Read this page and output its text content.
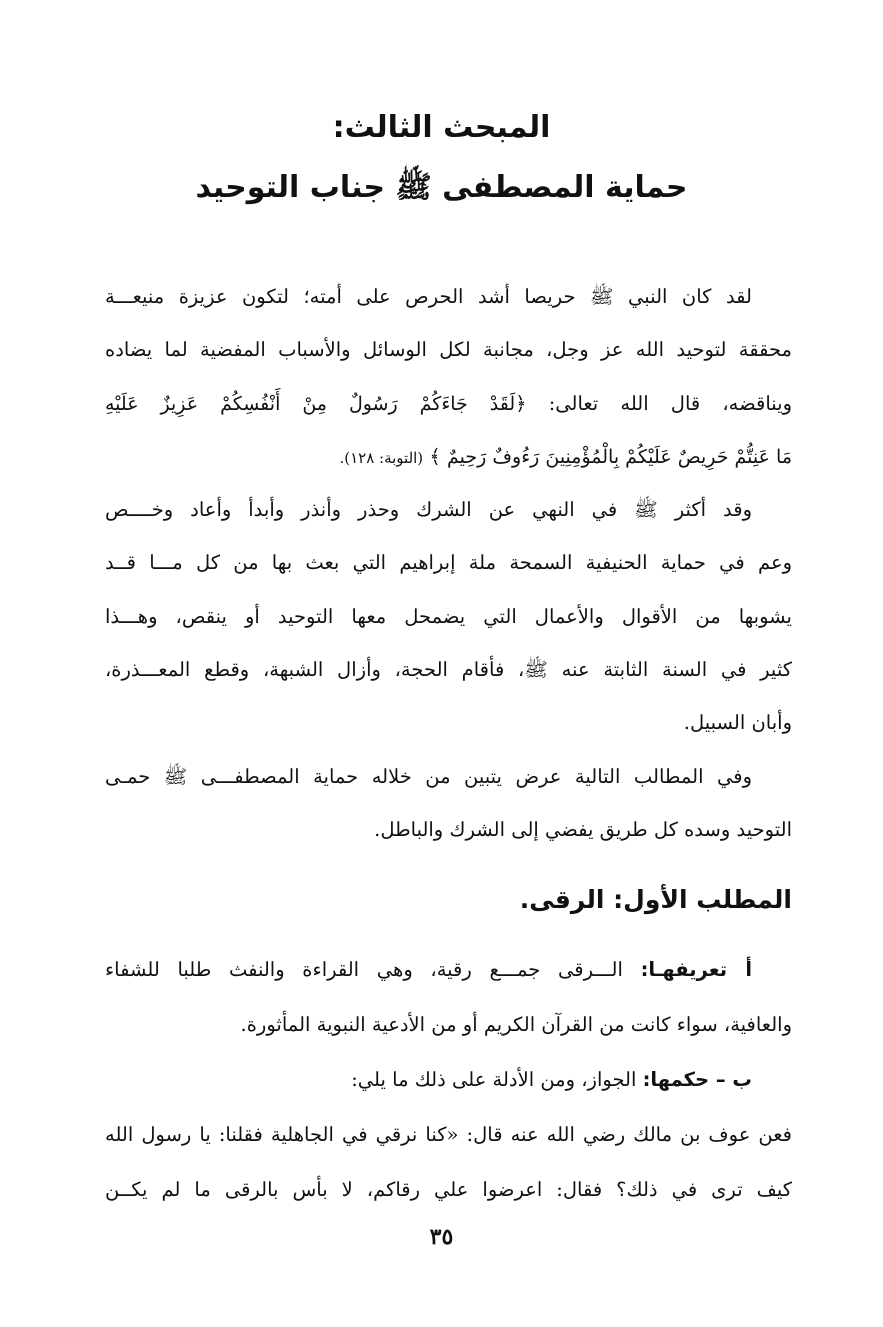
المبحث الثالث:
حماية المصطفى ﷺ جناب التوحيد

لقد كان النبي ﷺ حريصا أشد الحرص على أمته؛ لتكون عزيزة منيعـــة
محققة لتوحيد الله عز وجل، مجانبة لكل الوسائل والأسباب المفضية لما يضاده
ويناقضه، قال الله تعالى: ﴿لَقَدْ جَاءَكُمْ رَسُولٌ مِنْ أَنْفُسِكُمْ عَزِيزٌ عَلَيْهِ
مَا عَنِتُّمْ حَرِيصٌ عَلَيْكُمْ بِالْمُؤْمِنِينَ رَءُوفٌ رَحِيمٌ ﴾ (التوبة: ١٢٨).

وقد أكثر ﷺ في النهي عن الشرك وحذر وأنذر وأبدأ وأعاد وخــــص
وعم في حماية الحنيفية السمحة ملة إبراهيم التي بعث بها من كل مـــا قــد
يشوبها من الأقوال والأعمال التي يضمحل معها التوحيد أو ينقص، وهـــذا
كثير في السنة الثابتة عنه ﷺ، فأقام الحجة، وأزال الشبهة، وقطع المعـــذرة،
وأبان السبيل.

وفي المطالب التالية عرض يتبين من خلاله حماية المصطفـــى ﷺ حمـى
التوحيد وسده كل طريق يفضي إلى الشرك والباطل.

المطلب الأول: الرقى.
أ تعريفهـا: الـــرقى جمـــع رقية، وهي القراءة والنفث طلبا للشفاء
والعافية، سواء كانت من القرآن الكريم أو من الأدعية النبوية المأثورة.
ب – حكمها: الجواز، ومن الأدلة على ذلك ما يلي:
فعن عوف بن مالك رضي الله عنه قال: «كنا نرقي في الجاهلية فقلنا: يا رسول الله
كيف ترى في ذلك؟ فقال: اعرضوا علي رقاكم، لا بأس بالرقى ما لم يكــن
٣٥
